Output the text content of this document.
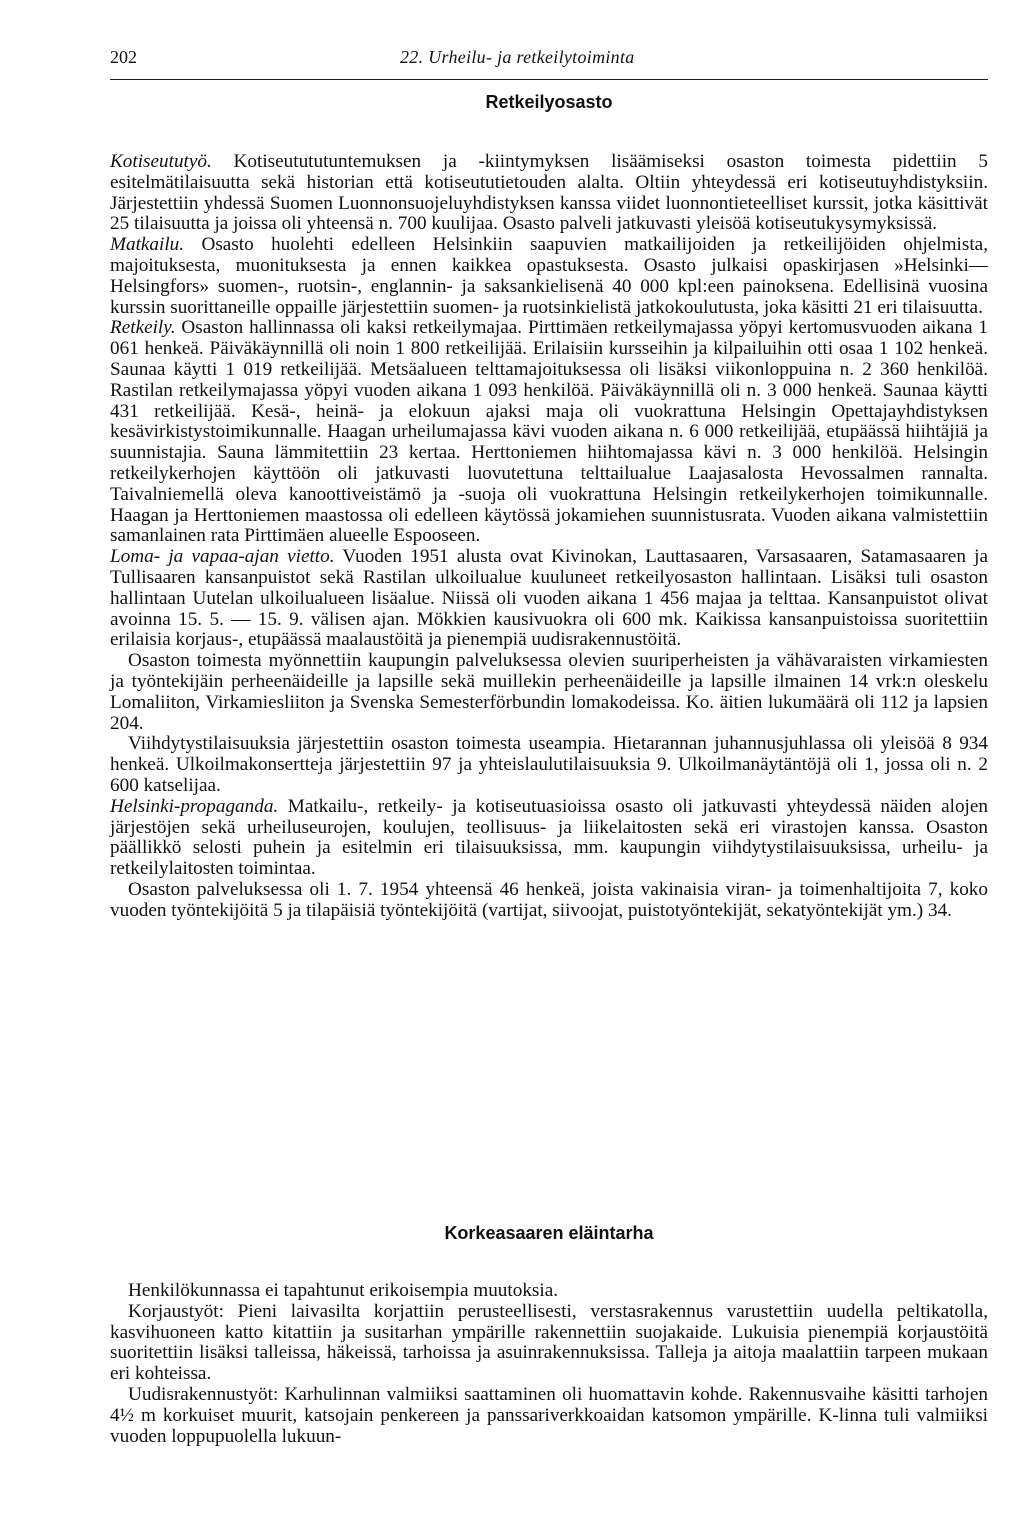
202	22. Urheilu- ja retkeilytoiminta
Retkeilyosasto

Kotiseututyö. Kotiseutututuntemuksen ja -kiintymyksen lisäämiseksi osaston toimesta pidettiin 5 esitelmätilaisuutta sekä historian että kotiseututietouden alalta. Oltiin yhteydessä eri kotiseutuyhdistyksiin. Järjestettiin yhdessä Suomen Luonnonsuojeluyhdistyksen kanssa viidet luonnontieteelliset kurssit, jotka käsittivät 25 tilaisuutta ja joissa oli yhteensä n. 700 kuulijaa. Osasto palveli jatkuvasti yleisöä kotiseutukysymyksissä.

Matkailu. Osasto huolehti edelleen Helsinkiin saapuvien matkailijoiden ja retkeilijöiden ohjelmista, majoituksesta, muonituksesta ja ennen kaikkea opastuksesta. Osasto julkaisi opaskirjasen »Helsinki—Helsingfors» suomen-, ruotsin-, englannin- ja saksankielisenä 40 000 kpl:een painoksena. Edellisinä vuosina kurssin suorittaneille oppaille järjestettiin suomen- ja ruotsinkielistä jatkokoulutusta, joka käsitti 21 eri tilaisuutta.

Retkeily. Osaston hallinnassa oli kaksi retkeilymajaa. Pirttimäen retkeilymajassa yöpyi kertomusvuoden aikana 1 061 henkeä. Päiväkäynnillä oli noin 1 800 retkeilijää. Erilaisiin kursseihin ja kilpailuihin otti osaa 1 102 henkeä. Saunaa käytti 1 019 retkeilijää. Metsäalueen telttamajoituksessa oli lisäksi viikonloppuina n. 2 360 henkilöä. Rastilan retkeilymajassa yöpyi vuoden aikana 1 093 henkilöä. Päiväkäynnillä oli n. 3 000 henkeä. Saunaa käytti 431 retkeilijää. Kesä-, heinä- ja elokuun ajaksi maja oli vuokrattuna Helsingin Opettajayhdistyksen kesävirkistystoimikunnalle. Haagan urheilumajassa kävi vuoden aikana n. 6 000 retkeilijää, etupäässä hiihtäjiä ja suunnistajia. Sauna lämmitettiin 23 kertaa. Herttoniemen hiihtomajassa kävi n. 3 000 henkilöä. Helsingin retkeilykerhojen käyttöön oli jatkuvasti luovutettuna telttailualue Laajasalosta Hevossalmen rannalta. Taivalniemellä oleva kanoottiveistämö ja -suoja oli vuokrattuna Helsingin retkeilykerhojen toimikunnalle. Haagan ja Herttoniemen maastossa oli edelleen käytössä jokamiehen suunnistusrata. Vuoden aikana valmistettiin samanlainen rata Pirttimäen alueelle Espooseen.

Loma- ja vapaa-ajan vietto. Vuoden 1951 alusta ovat Kivinokan, Lauttasaaren, Varsasaaren, Satamasaaren ja Tullisaaren kansanpuistot sekä Rastilan ulkoilualue kuuluneet retkeilyosaston hallintaan. Lisäksi tuli osaston hallintaan Uutelan ulkoilualueen lisäalue. Niissä oli vuoden aikana 1 456 majaa ja telttaa. Kansanpuistot olivat avoinna 15. 5. — 15. 9. välisen ajan. Mökkien kausivuokra oli 600 mk. Kaikissa kansanpuistoissa suoritettiin erilaisia korjaus-, etupäässä maalaustöitä ja pienempiä uudisrakennustöitä.

Osaston toimesta myönnettiin kaupungin palveluksessa olevien suuriperheisten ja vähävaraisten virkamiesten ja työntekijäin perheenäideille ja lapsille sekä muillekin perheenäideille ja lapsille ilmainen 14 vrk:n oleskelu Lomaliiton, Virkamiesliiton ja Svenska Semesterförbundin lomakodeissa. Ko. äitien lukumäärä oli 112 ja lapsien 204.

Viihdytystilaisuuksia järjestettiin osaston toimesta useampia. Hietarannan juhannusjuhlassa oli yleisöä 8 934 henkeä. Ulkoilmakonsertteja järjestettiin 97 ja yhteislaulutilaisuuksia 9. Ulkoilmanäytäntöjä oli 1, jossa oli n. 2 600 katselijaa.

Helsinki-propaganda. Matkailu-, retkeily- ja kotiseutuasioissa osasto oli jatkuvasti yhteydessä näiden alojen järjestöjen sekä urheiluseurojen, koulujen, teollisuus- ja liikelaitosten sekä eri virastojen kanssa. Osaston päällikkö selosti puhein ja esitelmin eri tilaisuuksissa, mm. kaupungin viihdytystilaisuuksissa, urheilu- ja retkeilylaitosten toimintaa.

Osaston palveluksessa oli 1. 7. 1954 yhteensä 46 henkeä, joista vakinaisia viran- ja toimenhaltijoita 7, koko vuoden työntekijöitä 5 ja tilapäisiä työntekijöitä (vartijat, siivoojat, puistotyöntekijät, sekatyöntekijät ym.) 34.

Korkeasaaren eläintarha

Henkilökunnassa ei tapahtunut erikoisempia muutoksia.

Korjaustyöt: Pieni laivasilta korjattiin perusteellisesti, verstasrakennus varustettiin uudella peltikatolla, kasvihuoneen katto kitattiin ja susitarhan ympärille rakennettiin suojakaide. Lukuisia pienempiä korjaustöitä suoritettiin lisäksi talleissa, häkeissä, tarhoissa ja asuinrakennuksissa. Talleja ja aitoja maalattiin tarpeen mukaan eri kohteissa.

Uudisrakennustyöt: Karhulinnan valmiiksi saattaminen oli huomattavin kohde. Rakennusvaihe käsitti tarhojen 4½ m korkuiset muurit, katsojain penkereen ja panssariverkkoaidan katsomon ympärille. K-linna tuli valmiiksi vuoden loppupuolella lukuun-
